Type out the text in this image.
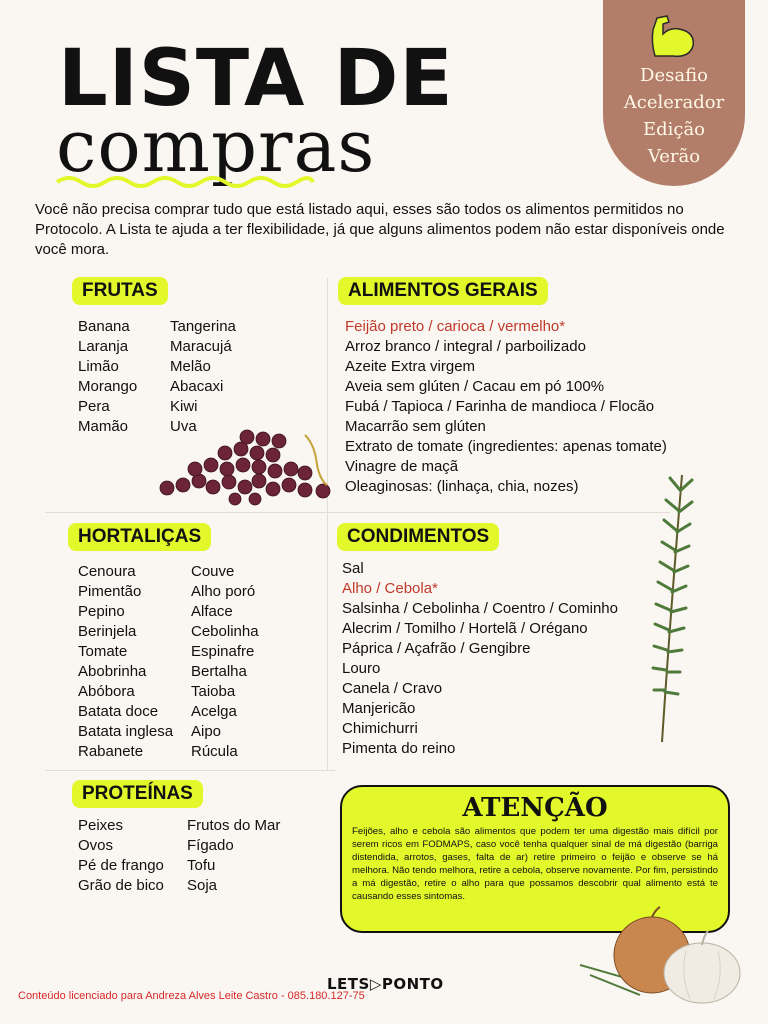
LISTA DE
compras
Desafio
Acelerador
Edição
Verão
Você não precisa comprar tudo que está listado aqui, esses são todos os alimentos permitidos no Protocolo. A Lista te ajuda a ter flexibilidade, já que alguns alimentos podem não estar disponíveis onde você mora.
FRUTAS
Banana
Laranja
Limão
Morango
Pera
Mamão
Tangerina
Maracujá
Melão
Abacaxi
Kiwi
Uva
ALIMENTOS GERAIS
Feijão preto / carioca / vermelho*
Arroz branco / integral / parboilizado
Azeite Extra virgem
Aveia sem glúten / Cacau em pó 100%
Fubá / Tapioca / Farinha de mandioca / Flocão
Macarrão sem glúten
Extrato de tomate (ingredientes: apenas tomate)
Vinagre de maçã
Oleaginosas: (linhaça, chia, nozes)
HORTALIÇAS
Cenoura
Pimentão
Pepino
Berinjela
Tomate
Abobrinha
Abóbora
Batata doce
Batata inglesa
Rabanete
Couve
Alho poró
Alface
Cebolinha
Espinafre
Bertalha
Taioba
Acelga
Aipo
Rúcula
CONDIMENTOS
Sal
Alho / Cebola*
Salsinha / Cebolinha / Coentro / Cominho
Alecrim / Tomilho / Hortelã / Orégano
Páprica / Açafrão / Gengibre
Louro
Canela / Cravo
Manjericão
Chimichurri
Pimenta do reino
PROTEÍNAS
Peixes
Ovos
Pé de frango
Grão de bico
Frutos do Mar
Fígado
Tofu
Soja
ATENÇÃO
Feijões, alho e cebola são alimentos que podem ter uma digestão mais difícil por serem ricos em FODMAPS, caso você tenha qualquer sinal de má digestão (barriga distendida, arrotos, gases, falta de ar) retire primeiro o feijão e observe se há melhora. Não tendo melhora, retire a cebola, observe novamente. Por fim, persistindo a má digestão, retire o alho para que possamos descobrir qual alimento está te causando esses sintomas.
LETS▷PONTO
Conteúdo licenciado para Andreza Alves Leite Castro - 085.180.127-75
